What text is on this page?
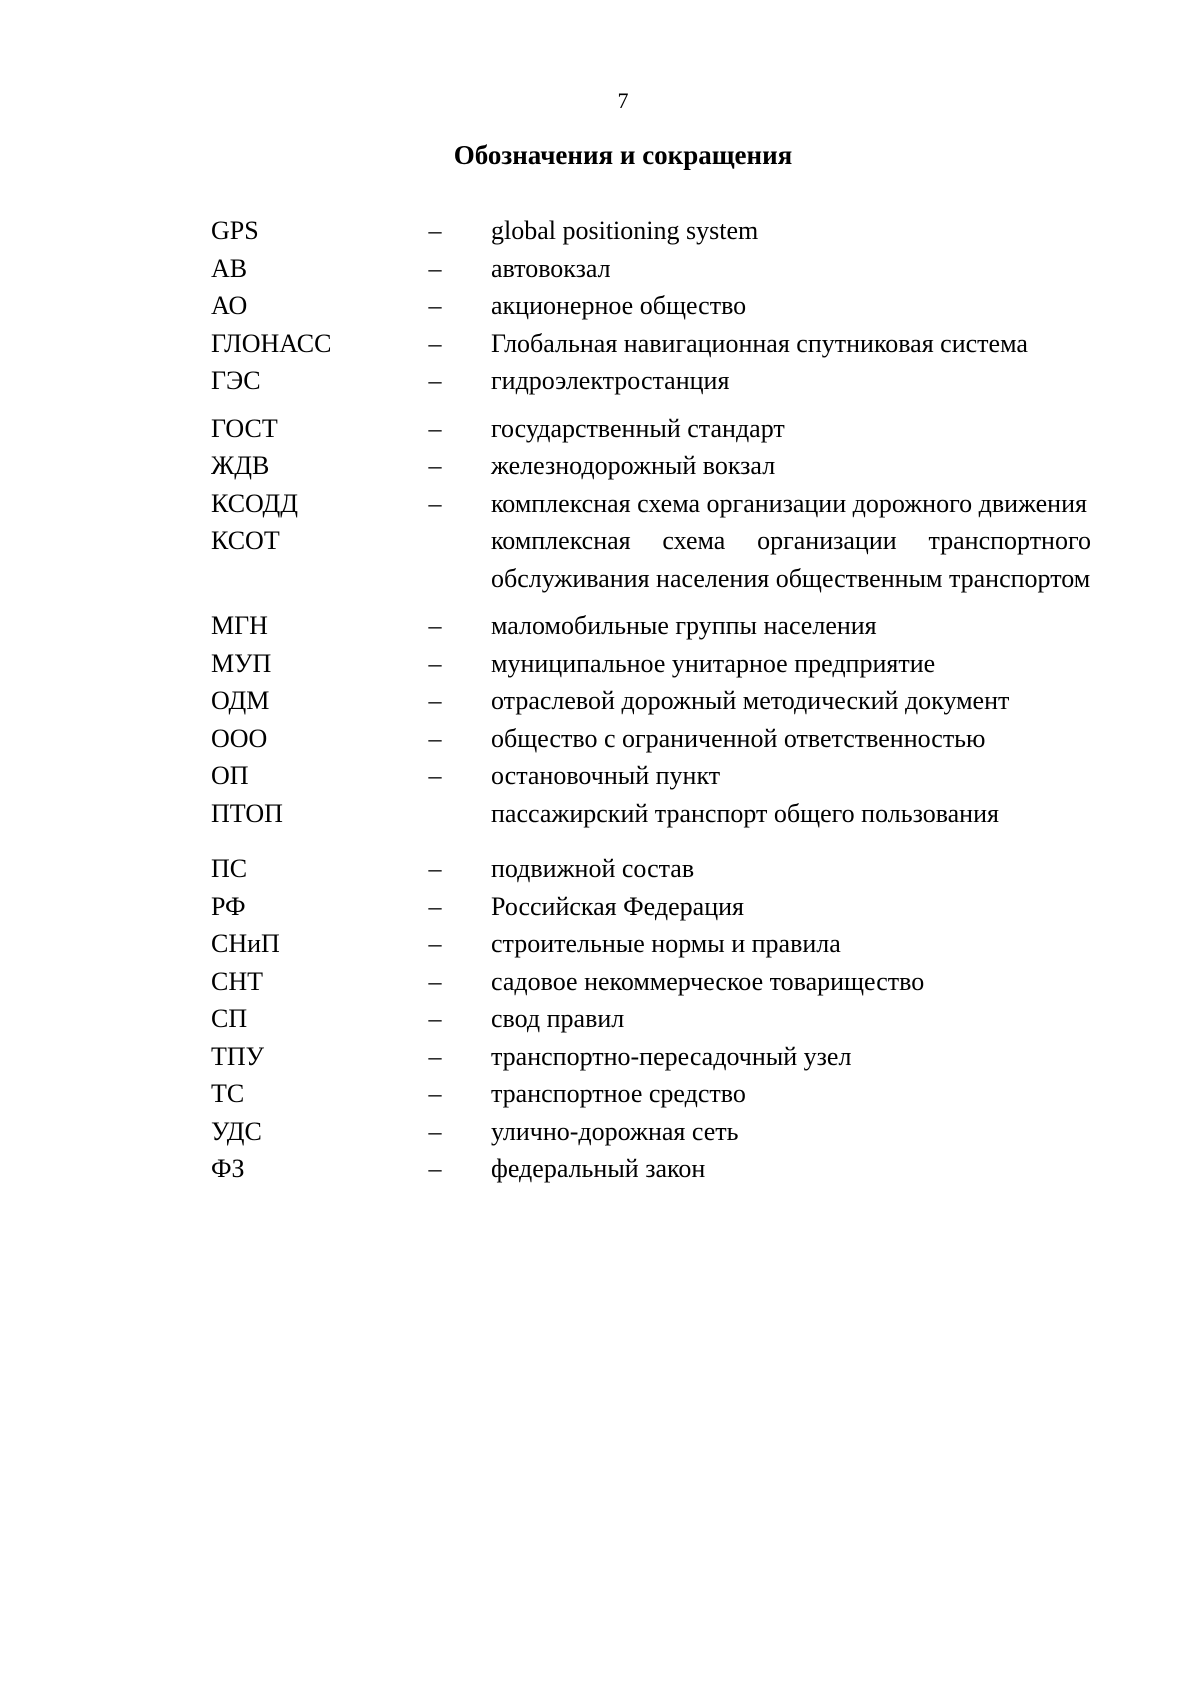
7
Обозначения и сокращения
GPS	– global positioning system
АВ	– автовокзал
АО	– акционерное общество
ГЛОНАСС	– Глобальная навигационная спутниковая система
ГЭС	– гидроэлектростанция
ГОСТ	– государственный стандарт
ЖДВ	– железнодорожный вокзал
КСОДД	– комплексная схема организации дорожного движения
КСОТ	комплексная схема организации транспортного обслуживания населения общественным транспортом
МГН	– маломобильные группы населения
МУП	– муниципальное унитарное предприятие
ОДМ	– отраслевой дорожный методический документ
ООО	– общество с ограниченной ответственностью
ОП	– остановочный пункт
ПТОП	пассажирский транспорт общего пользования
ПС	– подвижной состав
РФ	– Российская Федерация
СНиП	– строительные нормы и правила
СНТ	– садовое некоммерческое товарищество
СП	– свод правил
ТПУ	– транспортно-пересадочный узел
ТС	– транспортное средство
УДС	– улично-дорожная сеть
ФЗ	– федеральный закон
